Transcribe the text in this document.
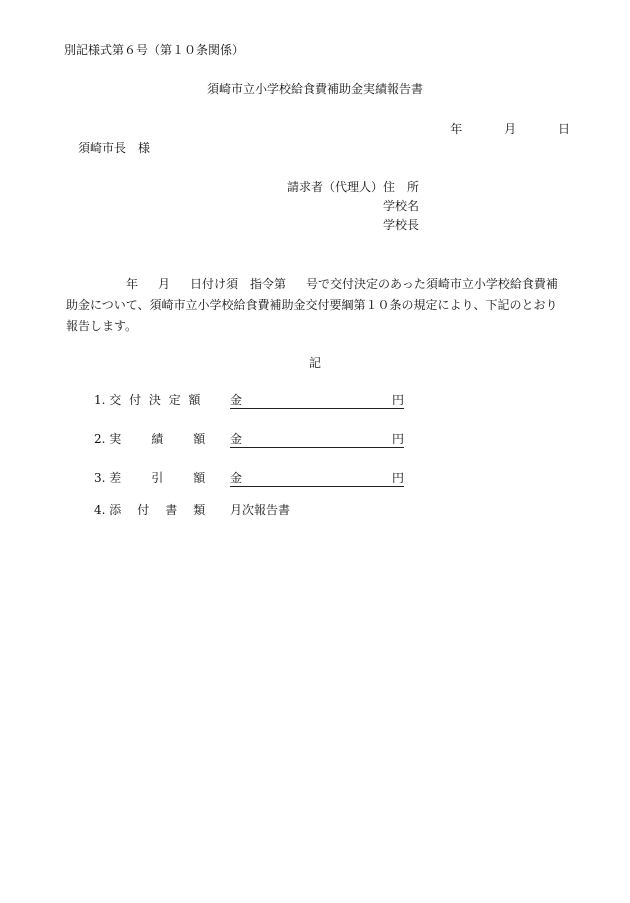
別記様式第６号（第１０条関係）
須崎市立小学校給食費補助金実績報告書
年	月	日
須崎市長　様
請求者（代理人） 住　所
学校名
学校長
年 月 日付け須　指令第 号で交付決定のあった須崎市立小学校給食費補助金について、須崎市立小学校給食費補助金交付要綱第１０条の規定により、下記のとおり報告します。
記
1. 交 付 決 定 額	金	円
2. 実　　績　　額	金	円
3. 差　　引　　額	金	円
4. 添　付　書　類	月次報告書
